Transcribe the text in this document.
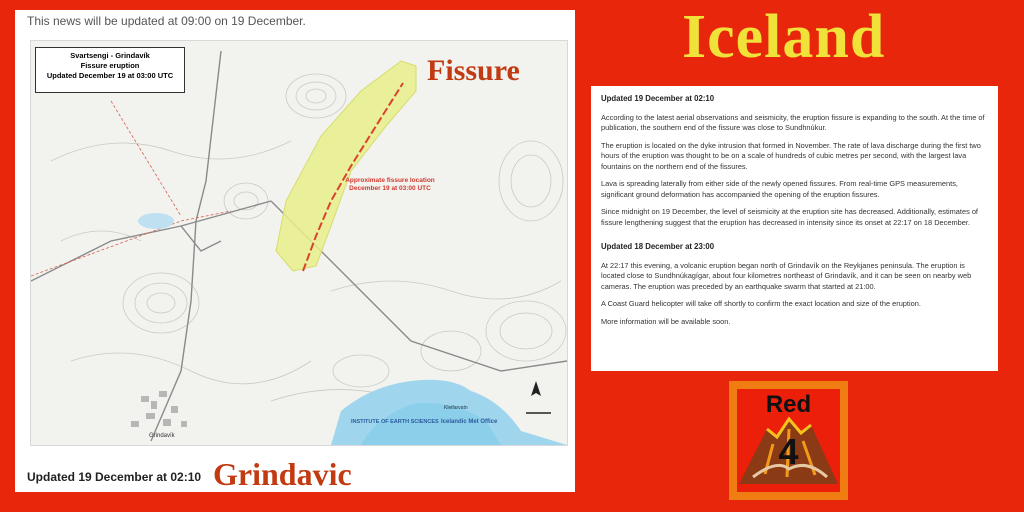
This news will be updated at 09:00 on 19 December.
Svartsengi - Grindavík
Fissure eruption
Updated December 19 at 03:00 UTC
Approximate fissure location
December 19 at 03:00 UTC
INSTITUTE OF EARTH SCIENCES Icelandic Met Office
Grindavík
Kleifarvatn
Fissure
Grindavic
Updated 19 December at 02:10
Iceland
Updated 19 December at 02:10

According to the latest aerial observations and seismicity, the eruption fissure is expanding to the south. At the time of publication, the southern end of the fissure was close to Sundhnúkur.

The eruption is located on the dyke intrusion that formed in November. The rate of lava discharge during the first two hours of the eruption was thought to be on a scale of hundreds of cubic metres per second, with the largest lava fountains on the northern end of the fissures.

Lava is spreading laterally from either side of the newly opened fissures. From real-time GPS measurements, significant ground deformation has accompanied the opening of the eruption fissures.

Since midnight on 19 December, the level of seismicity at the eruption site has decreased. Additionally, estimates of fissure lengthening suggest that the eruption has decreased in intensity since its onset at 22:17 on 18 December.

Updated 18 December at 23:00

At 22:17 this evening, a volcanic eruption began north of Grindavík on the Reykjanes peninsula. The eruption is located close to Sundhnúkagígar, about four kilometres northeast of Grindavík, and it can be seen on nearby web cameras. The eruption was preceded by an earthquake swarm that started at 21:00.

A Coast Guard helicopter will take off shortly to confirm the exact location and size of the eruption.

More information will be available soon.

Red
4
